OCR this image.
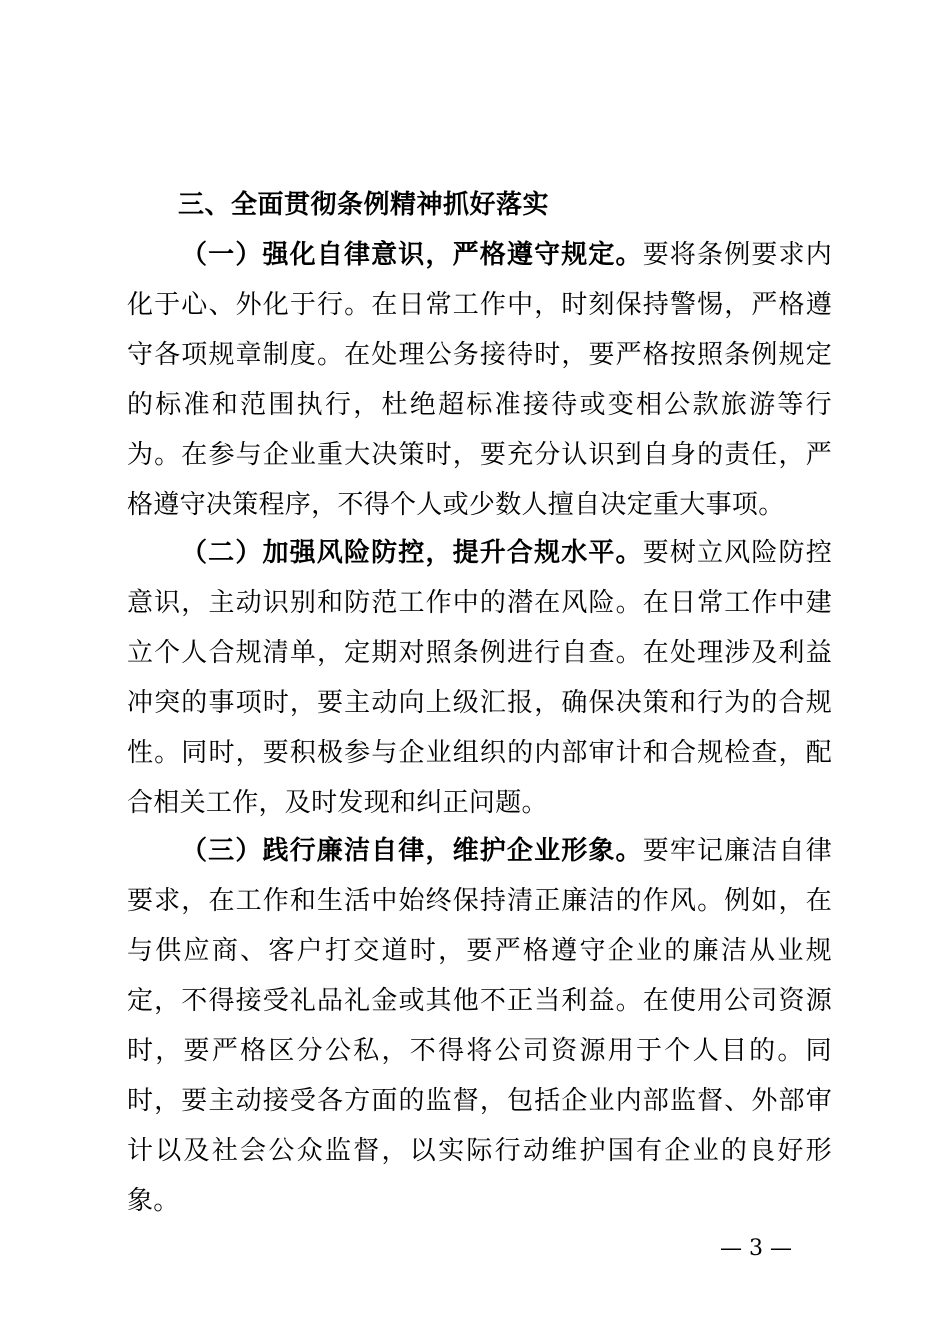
三、全面贯彻条例精神抓好落实

（一）强化自律意识，严格遵守规定。要将条例要求内化于心、外化于行。在日常工作中，时刻保持警惕，严格遵守各项规章制度。在处理公务接待时，要严格按照条例规定的标准和范围执行，杜绝超标准接待或变相公款旅游等行为。在参与企业重大决策时，要充分认识到自身的责任，严格遵守决策程序，不得个人或少数人擅自决定重大事项。

（二）加强风险防控，提升合规水平。要树立风险防控意识，主动识别和防范工作中的潜在风险。在日常工作中建立个人合规清单，定期对照条例进行自查。在处理涉及利益冲突的事项时，要主动向上级汇报，确保决策和行为的合规性。同时，要积极参与企业组织的内部审计和合规检查，配合相关工作，及时发现和纠正问题。

（三）践行廉洁自律，维护企业形象。要牢记廉洁自律要求，在工作和生活中始终保持清正廉洁的作风。例如，在与供应商、客户打交道时，要严格遵守企业的廉洁从业规定，不得接受礼品礼金或其他不正当利益。在使用公司资源时，要严格区分公私，不得将公司资源用于个人目的。同时，要主动接受各方面的监督，包括企业内部监督、外部审计以及社会公众监督，以实际行动维护国有企业的良好形象。

— 3 —
